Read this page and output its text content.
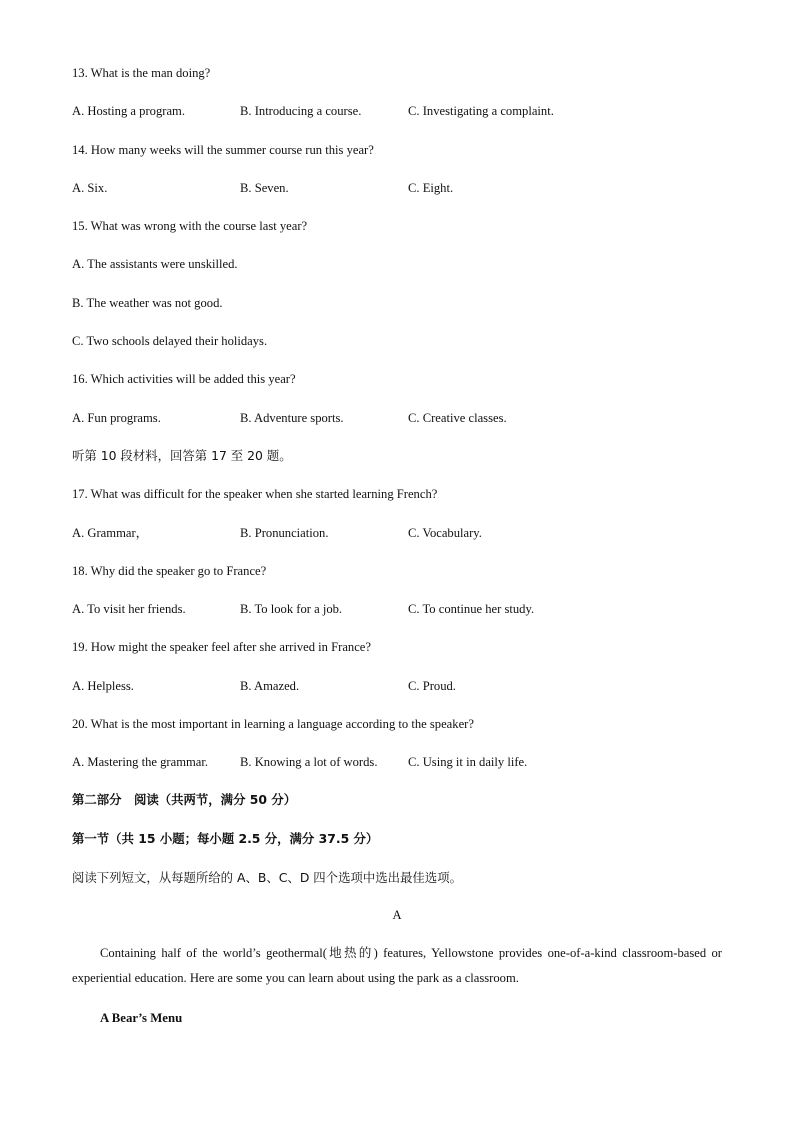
13. What is the man doing?
A. Hosting a program.	B. Introducing a course.	C. Investigating a complaint.
14. How many weeks will the summer course run this year?
A. Six.	B. Seven.	C. Eight.
15. What was wrong with the course last year?
A. The assistants were unskilled.
B. The weather was not good.
C. Two schools delayed their holidays.
16. Which activities will be added this year?
A. Fun programs.	B. Adventure sports.	C. Creative classes.
听第 10 段材料，回答第 17 至 20 题。
17. What was difficult for the speaker when she started learning French?
A. Grammar，	B. Pronunciation.	C. Vocabulary.
18. Why did the speaker go to France?
A. To visit her friends.	B. To look for a job.	C. To continue her study.
19. How might the speaker feel after she arrived in France?
A. Helpless.	B. Amazed.	C. Proud.
20. What is the most important in learning a language according to the speaker?
A. Mastering the grammar.	B. Knowing a lot of words. C. Using it in daily life.
第二部分　阅读（共两节，满分 50 分）
第一节（共 15 小题；每小题 2.5 分，满分 37.5 分）
阅读下列短文，从每题所给的 A、B、C、D 四个选项中选出最佳选项。
A
Containing half of the world’s geothermal(地热的) features, Yellowstone provides one-of-a-kind classroom-based or experiential education. Here are some you can learn about using the park as a classroom.
A Bear’s Menu
